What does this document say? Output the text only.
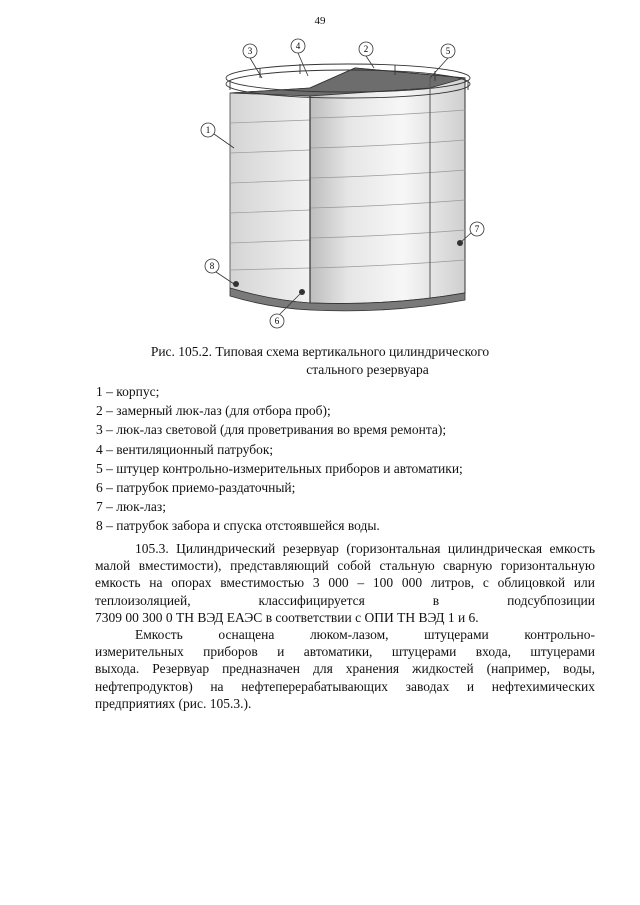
49
3	4	2	5
1
7
8
6
Рис. 105.2. Типовая схема вертикального цилиндрического
стального резервуара
1 – корпус;
2 – замерный люк-лаз (для отбора проб);
3 – люк-лаз световой (для проветривания во время ремонта);
4 – вентиляционный патрубок;
5 – штуцер контрольно-измерительных приборов и автоматики;
6 – патрубок приемо-раздаточный;
7 – люк-лаз;
8 – патрубок забора и спуска отстоявшейся воды.
105.3. Цилиндрический резервуар (горизонтальная цилиндрическая емкость
малой вместимости), представляющий собой стальную сварную горизонтальную
емкость на опорах вместимостью 3 000 – 100 000 литров, с облицовкой или
теплоизоляцией, классифицируется в подсубпозиции
7309 00 300 0 ТН ВЭД ЕАЭС в соответствии с ОПИ ТН ВЭД 1 и 6.
Емкость оснащена люком-лазом, штуцерами контрольно-
измерительных приборов и автоматики, штуцерами входа, штуцерами
выхода. Резервуар предназначен для хранения жидкостей (например, воды,
нефтепродуктов) на нефтеперерабатывающих заводах и нефтехимических
предприятиях (рис. 105.3.).
